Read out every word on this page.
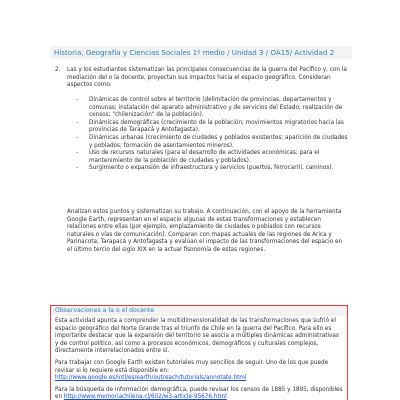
Historia, Geografía y Ciencias Sociales 1º medio / Unidad 3 / OA15/ Actividad 2
2. Las y los estudiantes sistematizan las principales consecuencias de la guerra del Pacífico y, con la mediación del o la docente, proyectan sus impactos hacia el espacio geográfico. Consideran aspectos como:
- Dinámicas de control sobre el territorio (delimitación de provincias, departamentos y comunas; instalación del aparato administrativo y de servicios del Estado; realización de censos; "chilenización" de la población).
- Dinámicas demográficas (crecimiento de la población; movimientos migratorios hacia las provincias de Tarapacá y Antofagasta).
- Dinámicas urbanas (crecimiento de ciudades y poblados existentes; aparición de ciudades y poblados; formación de asentamientos mineros).
- Uso de recursos naturales (para el desarrollo de actividades económicas; para el mantenimiento de la población de ciudades y poblados).
- Surgimiento o expansión de infraestructura y servicios (puertos, ferrocarril, caminos).
Analizan estos puntos y sistematizan su trabajo. A continuación, con el apoyo de la herramienta Google Earth, representan en el espacio algunas de estas transformaciones y establecen relaciones entre ellas (por ejemplo, emplazamiento de ciudades o poblados con recursos naturales o vías de comunicación). Comparan con mapas actuales de las regiones de Arica y Parinacota, Tarapacá y Antofagasta y evalúan el impacto de las transformaciones del espacio en el último tercio del siglo XIX en la actual fisonomía de estas regiones.
Observaciones a la o el docente

Esta actividad apunta a comprender la multidimensionalidad de las transformaciones que sufrió el espacio geográfico del Norte Grande tras el triunfo de Chile en la guerra del Pacífico. Para ello es importante destacar que la expansión del territorio se asocia a múltiples dinámicas administrativas y de control político, así como a procesos económicos, demográficos y culturales complejos, directamente interrelacionados entre sí.

Para trabajar con Google Earth existen tutoriales muy sencillos de seguir. Uno de los que puede revisar si lo requiere está disponible en:
http://www.google.es/intl/es/earth/outreach/tutorials/annotate.html

Para la búsqueda de información demográfica, puede revisar los censos de 1885 y 1895, disponibles en http://www.memoriachilena.cl/602/w3-article-95676.html
